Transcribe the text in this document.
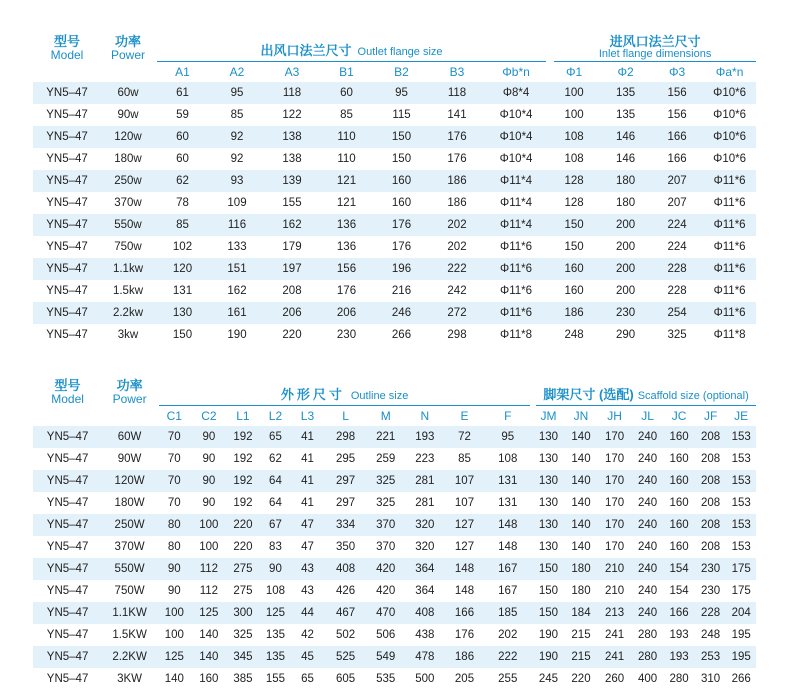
型号	功率	出风口法兰尺寸 Outlet flange size							进风口法兰尺寸
Inlet flange dimensions			

Model	Power											
		A1	A2	A3	B1	B2	B3	Φb*n	Φ1	Φ2	Φ3	Φa*n
YN5–47	60w	61	95	118	60	95	118	Φ8*4	100	135	156	Φ10*6
YN5–47	90w	59	85	122	85	115	141	Φ10*4	100	135	156	Φ10*6
YN5–47	120w	60	92	138	110	150	176	Φ10*4	108	146	166	Φ10*6
YN5–47	180w	60	92	138	110	150	176	Φ10*4	108	146	166	Φ10*6
YN5–47	250w	62	93	139	121	160	186	Φ11*4	128	180	207	Φ11*6
YN5–47	370w	78	109	155	121	160	186	Φ11*4	128	180	207	Φ11*6
YN5–47	550w	85	116	162	136	176	202	Φ11*4	150	200	224	Φ11*6
YN5–47	750w	102	133	179	136	176	202	Φ11*6	150	200	224	Φ11*6
YN5–47	1.1kw	120	151	197	156	196	222	Φ11*6	160	200	228	Φ11*6
YN5–47	1.5kw	131	162	208	176	216	242	Φ11*6	160	200	228	Φ11*6
YN5–47	2.2kw	130	161	206	206	246	272	Φ11*6	186	230	254	Φ11*6
YN5–47	3kw	150	190	220	230	266	298	Φ11*8	248	290	325	Φ11*8
型号	功率	外形尺寸 Outline size										脚架尺寸 (选配) Scaffold size (optional)						

Model	Power																	
		C1	C2	L1	L2	L3	L	M	N	E	F	JM	JN	JH	JL	JC	JF	JE
YN5–47	60W	70	90	192	65	41	298	221	193	72	95	130	140	170	240	160	208	153
YN5–47	90W	70	90	192	62	41	295	259	223	85	108	130	140	170	240	160	208	153
YN5–47	120W	70	90	192	64	41	297	325	281	107	131	130	140	170	240	160	208	153
YN5–47	180W	70	90	192	64	41	297	325	281	107	131	130	140	170	240	160	208	153
YN5–47	250W	80	100	220	67	47	334	370	320	127	148	130	140	170	240	160	208	153
YN5–47	370W	80	100	220	83	47	350	370	320	127	148	130	140	170	240	160	208	153
YN5–47	550W	90	112	275	90	43	408	420	364	148	167	150	180	210	240	154	230	175
YN5–47	750W	90	112	275	108	43	426	420	364	148	167	150	180	210	240	154	230	175
YN5–47	1.1KW	100	125	300	125	44	467	470	408	166	185	150	184	213	240	166	228	204
YN5–47	1.5KW	100	140	325	135	42	502	506	438	176	202	190	215	241	280	193	248	195
YN5–47	2.2KW	125	140	345	135	45	525	549	478	186	222	190	215	241	280	193	253	195
YN5–47	3KW	140	160	385	155	65	605	535	500	205	255	245	220	260	400	280	310	266
